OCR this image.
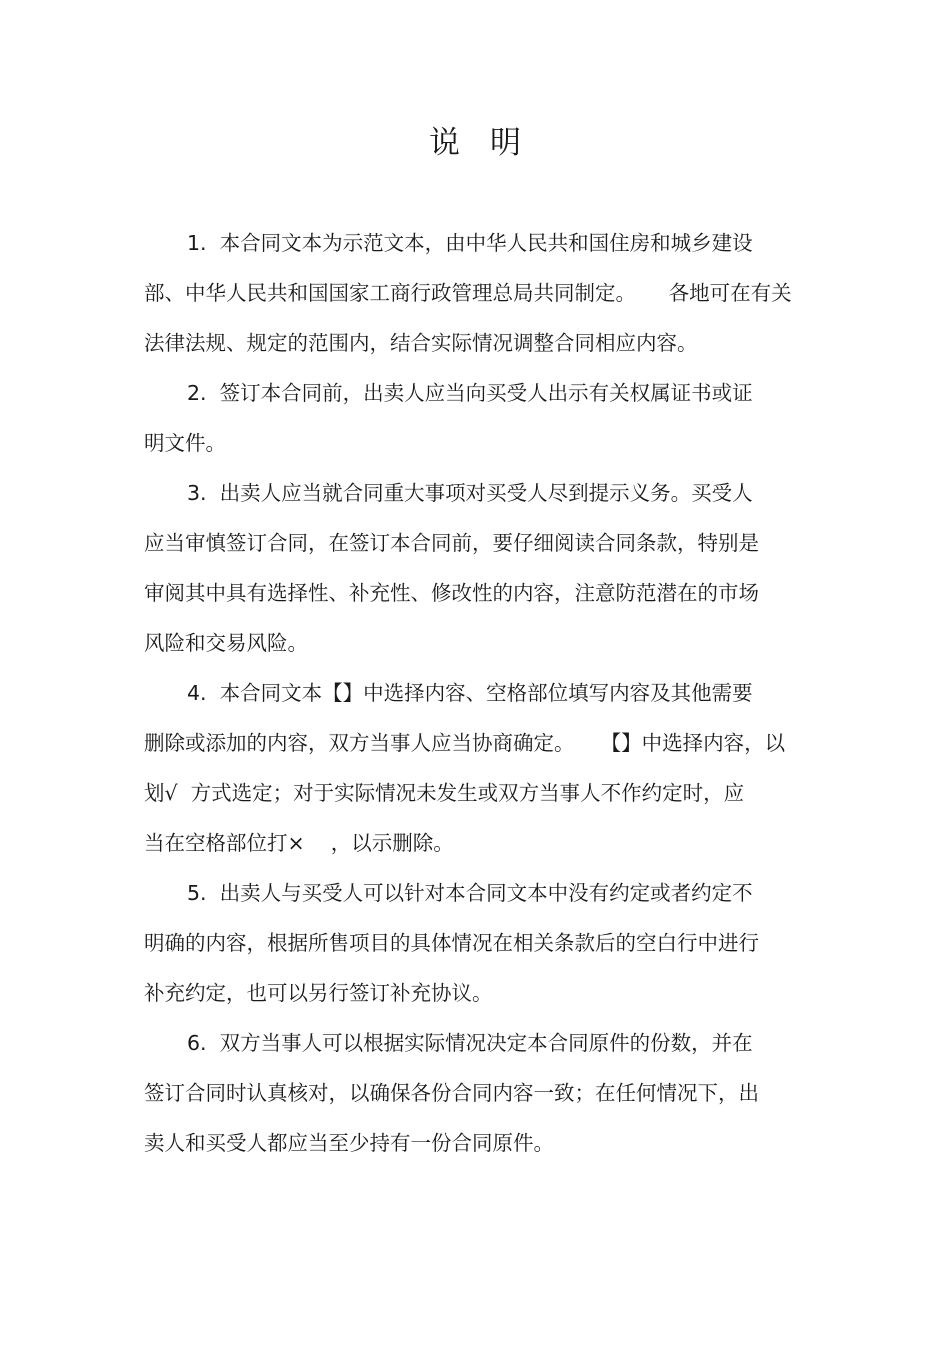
说 明
1.  本合同文本为示范文本，由中华人民共和国住房和城乡建设
部、中华人民共和国国家工商行政管理总局共同制定。     各地可在有关
法律法规、规定的范围内，结合实际情况调整合同相应内容。
2.  签订本合同前，出卖人应当向买受人出示有关权属证书或证
明文件。
3.  出卖人应当就合同重大事项对买受人尽到提示义务。买受人
应当审慎签订合同，在签订本合同前，要仔细阅读合同条款，特别是
审阅其中具有选择性、补充性、修改性的内容，注意防范潜在的市场
风险和交易风险。
4.  本合同文本【】中选择内容、空格部位填写内容及其他需要
删除或添加的内容，双方当事人应当协商确定。    【】中选择内容，以
划√  方式选定；对于实际情况未发生或双方当事人不作约定时，应
当在空格部位打×    ，以示删除。
5.  出卖人与买受人可以针对本合同文本中没有约定或者约定不
明确的内容，根据所售项目的具体情况在相关条款后的空白行中进行
补充约定，也可以另行签订补充协议。
6.  双方当事人可以根据实际情况决定本合同原件的份数，并在
签订合同时认真核对，以确保各份合同内容一致；在任何情况下，出
卖人和买受人都应当至少持有一份合同原件。
